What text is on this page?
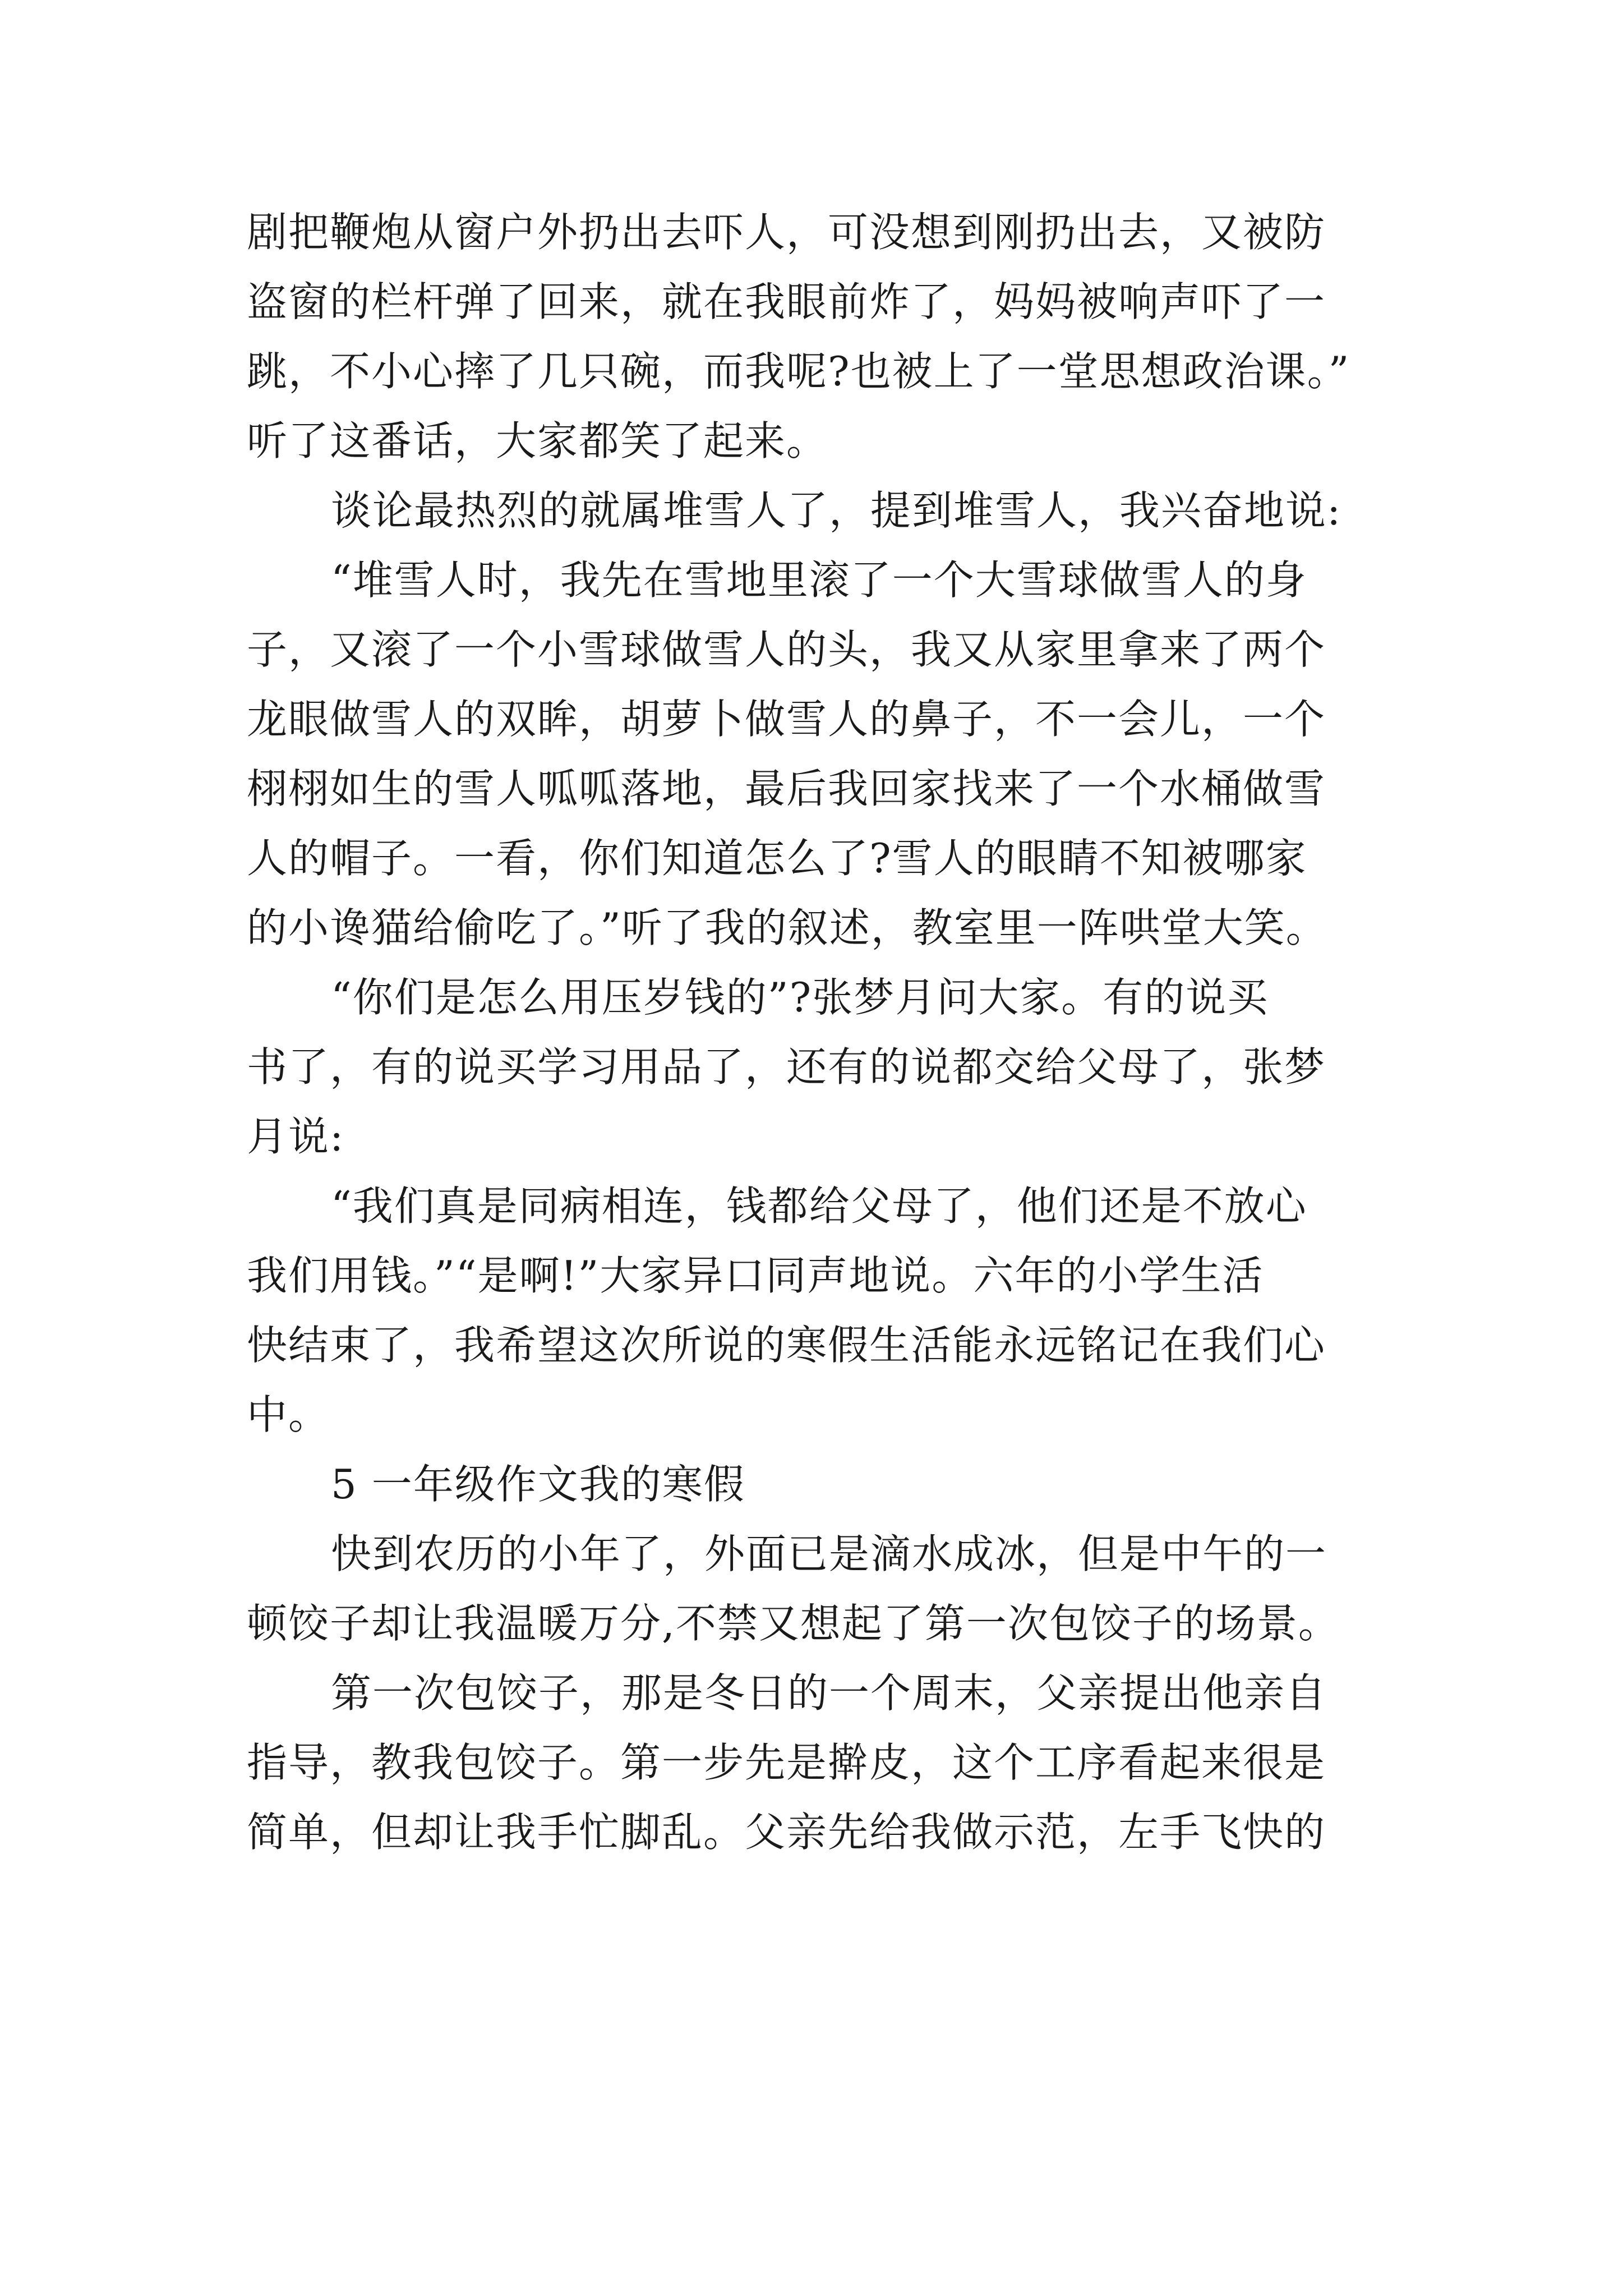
剧把鞭炮从窗户外扔出去吓人，可没想到刚扔出去，又被防
盗窗的栏杆弹了回来，就在我眼前炸了，妈妈被响声吓了一
跳，不小心摔了几只碗，而我呢?也被上了一堂思想政治课。”
听了这番话，大家都笑了起来。
谈论最热烈的就属堆雪人了，提到堆雪人，我兴奋地说:
“堆雪人时，我先在雪地里滚了一个大雪球做雪人的身
子，又滚了一个小雪球做雪人的头，我又从家里拿来了两个
龙眼做雪人的双眸，胡萝卜做雪人的鼻子，不一会儿，一个
栩栩如生的雪人呱呱落地，最后我回家找来了一个水桶做雪
人的帽子。一看，你们知道怎么了?雪人的眼睛不知被哪家
的小谗猫给偷吃了。”听了我的叙述，教室里一阵哄堂大笑。
“你们是怎么用压岁钱的”?张梦月问大家。有的说买
书了，有的说买学习用品了，还有的说都交给父母了，张梦
月说:
“我们真是同病相连，钱都给父母了，他们还是不放心
我们用钱。”“是啊!”大家异口同声地说。六年的小学生活
快结束了，我希望这次所说的寒假生活能永远铭记在我们心
中。
5 一年级作文我的寒假
快到农历的小年了，外面已是滴水成冰，但是中午的一
顿饺子却让我温暖万分,不禁又想起了第一次包饺子的场景。
第一次包饺子，那是冬日的一个周末，父亲提出他亲自
指导，教我包饺子。第一步先是擀皮，这个工序看起来很是
简单，但却让我手忙脚乱。父亲先给我做示范，左手飞快的
